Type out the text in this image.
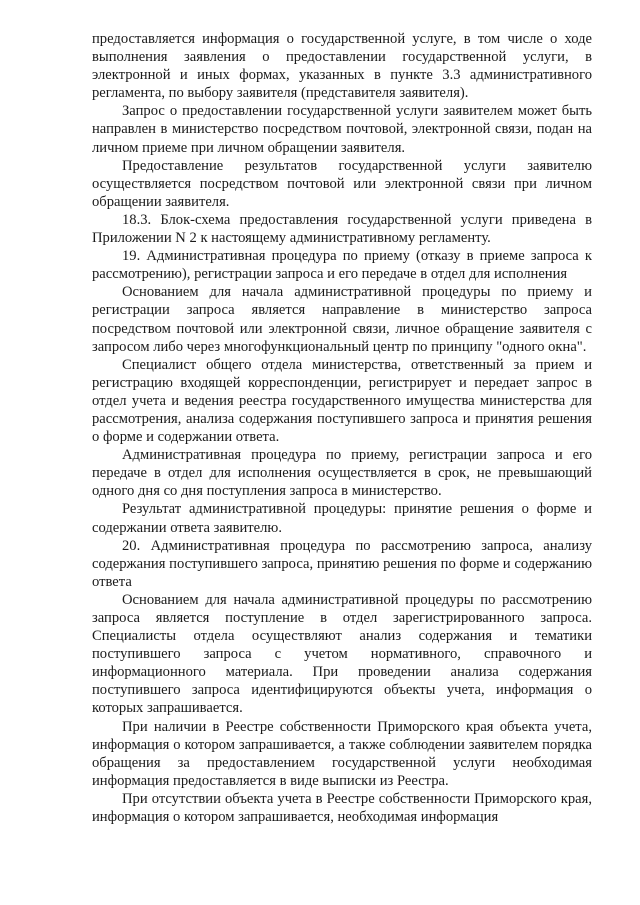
предоставляется информация о государственной услуге, в том числе о ходе выполнения заявления о предоставлении государственной услуги, в электронной и иных формах, указанных в пункте 3.3 административного регламента, по выбору заявителя (представителя заявителя).

Запрос о предоставлении государственной услуги заявителем может быть направлен в министерство посредством почтовой, электронной связи, подан на личном приеме при личном обращении заявителя.

Предоставление результатов государственной услуги заявителю осуществляется посредством почтовой или электронной связи при личном обращении заявителя.

18.3. Блок-схема предоставления государственной услуги приведена в Приложении N 2 к настоящему административному регламенту.

19. Административная процедура по приему (отказу в приеме запроса к рассмотрению), регистрации запроса и его передаче в отдел для исполнения

Основанием для начала административной процедуры по приему и регистрации запроса является направление в министерство запроса посредством почтовой или электронной связи, личное обращение заявителя с запросом либо через многофункциональный центр по принципу "одного окна".

Специалист общего отдела министерства, ответственный за прием и регистрацию входящей корреспонденции, регистрирует и передает запрос в отдел учета и ведения реестра государственного имущества министерства для рассмотрения, анализа содержания поступившего запроса и принятия решения о форме и содержании ответа.

Административная процедура по приему, регистрации запроса и его передаче в отдел для исполнения осуществляется в срок, не превышающий одного дня со дня поступления запроса в министерство.

Результат административной процедуры: принятие решения о форме и содержании ответа заявителю.

20. Административная процедура по рассмотрению запроса, анализу содержания поступившего запроса, принятию решения по форме и содержанию ответа

Основанием для начала административной процедуры по рассмотрению запроса является поступление в отдел зарегистрированного запроса. Специалисты отдела осуществляют анализ содержания и тематики поступившего запроса с учетом нормативного, справочного и информационного материала. При проведении анализа содержания поступившего запроса идентифицируются объекты учета, информация о которых запрашивается.

При наличии в Реестре собственности Приморского края объекта учета, информация о котором запрашивается, а также соблюдении заявителем порядка обращения за предоставлением государственной услуги необходимая информация предоставляется в виде выписки из Реестра.

При отсутствии объекта учета в Реестре собственности Приморского края, информация о котором запрашивается, необходимая информация
